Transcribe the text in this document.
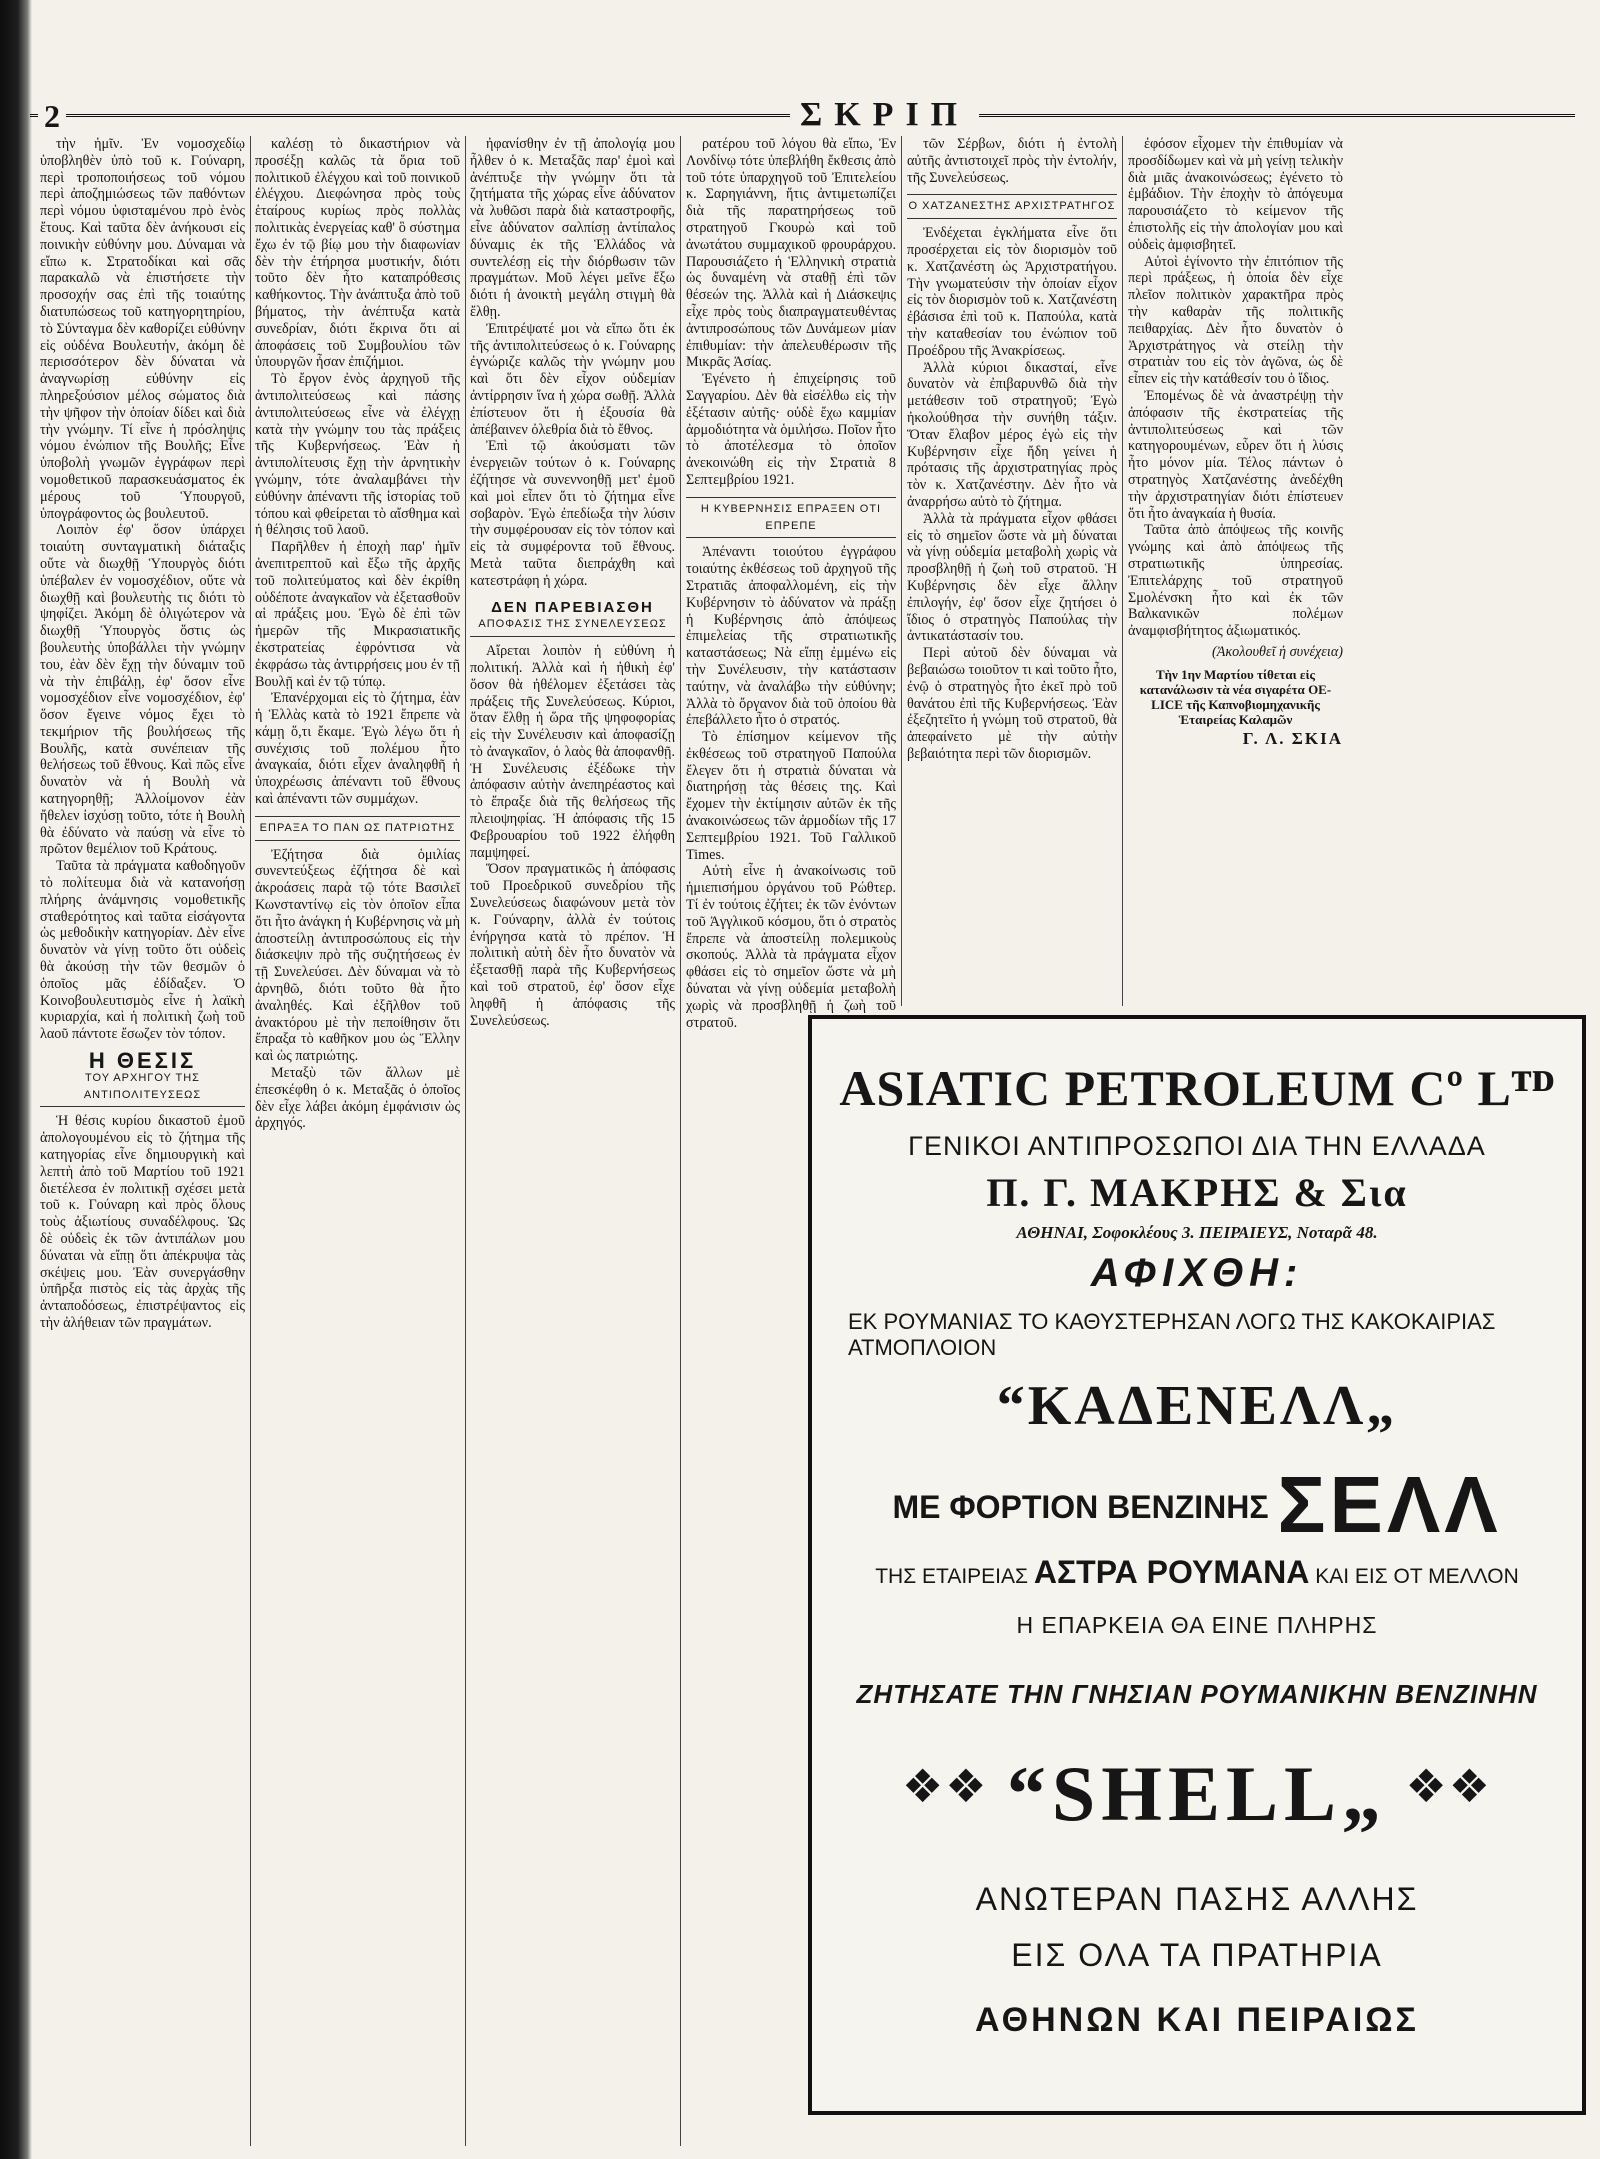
2	ΣΚΡΙΠ

τὴν ἡμῖν. Ἐν νομοσχεδίῳ ὑποβληθὲν ὑπὸ τοῦ κ. Γούναρη, περὶ τροποποιήσεως τοῦ νόμου περὶ ἀποζημιώσεως τῶν παθόντων περὶ νόμου ὑφισταμένου πρὸ ἑνὸς ἔτους. Καὶ ταῦτα δὲν ἀνήκουσι εἰς ποινικὴν εὐθύνην μου. Δύναμαι νὰ εἴπω κ. Στρατοδίκαι καὶ σᾶς παρακαλῶ νὰ ἐπιστήσετε τὴν προσοχήν σας ἐπὶ τῆς τοιαύτης διατυπώσεως τοῦ κατηγορητηρίου, τὸ Σύνταγμα δὲν καθορίζει εὐθύνην εἰς οὐδένα Βουλευτήν, ἀκόμη δὲ περισσότερον δὲν δύναται νὰ ἀναγνωρίσῃ εὐθύνην εἰς πληρεξούσιον μέλος σώματος διὰ τὴν ψῆφον τὴν ὁποίαν δίδει καὶ διὰ τὴν γνώμην. Τί εἶνε ἡ πρόσληψις νόμου ἐνώπιον τῆς Βουλῆς; Εἶνε ὑποβολὴ γνωμῶν ἐγγράφων περὶ νομοθετικοῦ παρασκευάσματος ἐκ μέρους τοῦ Ὑπουργοῦ, ὑπογράφοντος ὡς βουλευτοῦ.

Λοιπὸν ἐφ' ὅσον ὑπάρχει τοιαύτη συνταγματικὴ διάταξις οὔτε νὰ διωχθῇ Ὑπουργὸς διότι ὑπέβαλεν ἐν νομοσχέδιον, οὔτε νὰ διωχθῇ καὶ βουλευτὴς τις διότι τὸ ψηφίζει. Ἀκόμη δὲ ὀλιγώτερον νὰ διωχθῇ Ὑπουργὸς ὅστις ὡς βουλευτὴς ὑποβάλλει τὴν γνώμην του, ἐὰν δὲν ἔχῃ τὴν δύναμιν τοῦ νὰ τὴν ἐπιβάλῃ, ἐφ' ὅσον εἶνε νομοσχέδιον εἶνε νομοσχέδιον, ἐφ' ὅσον ἔγεινε νόμος ἔχει τὸ τεκμήριον τῆς βουλήσεως τῆς Βουλῆς, κατὰ συνέπειαν τῆς θελήσεως τοῦ ἔθνους. Καὶ πῶς εἶνε δυνατὸν νὰ ἡ Βουλὴ νὰ κατηγορηθῇ; Ἀλλοίμονον ἐὰν ἤθελεν ἰσχύσῃ τοῦτο, τότε ἡ Βουλὴ θὰ ἐδύνατο νὰ παύσῃ νὰ εἶνε τὸ πρῶτον θεμέλιον τοῦ Κράτους.

Ταῦτα τὰ πράγματα καθοδηγοῦν τὸ πολίτευμα διὰ νὰ κατανοήσῃ πλήρης ἀνάμνησις νομοθετικῆς σταθερότητος καὶ ταῦτα εἰσάγοντα ὡς μεθοδικὴν κατηγορίαν. Δὲν εἶνε δυνατὸν νὰ γίνῃ τοῦτο ὅτι οὐδεὶς θὰ ἀκούσῃ τὴν τῶν θεσμῶν ὁ ὁποῖος μᾶς ἐδίδαξεν. Ὁ Κοινοβουλευτισμὸς εἶνε ἡ λαϊκὴ κυριαρχία, καὶ ἡ πολιτικὴ ζωὴ τοῦ λαοῦ πάντοτε ἔσωζεν τὸν τόπον.

Η ΘΕΣΙΣ
ΤΟΥ ΑΡΧΗΓΟΥ ΤΗΣ ΑΝΤΙΠΟΛΙΤΕΥΣΕΩΣ

Ἡ θέσις κυρίου δικαστοῦ ἐμοῦ ἀπολογουμένου εἰς τὸ ζήτημα τῆς κατηγορίας εἶνε δημιουργικὴ καὶ λεπτὴ ἀπὸ τοῦ Μαρτίου τοῦ 1921 διετέλεσα ἐν πολιτικῇ σχέσει μετὰ τοῦ κ. Γούναρη καὶ πρὸς ὅλους τοὺς ἀξιωτίους συναδέλφους. Ὡς δὲ οὐδεὶς ἐκ τῶν ἀντιπάλων μου δύναται νὰ εἴπῃ ὅτι ἀπέκρυψα τὰς σκέψεις μου. Ἐὰν συνεργάσθην ὑπῆρξα πιστὸς εἰς τὰς ἀρχὰς τῆς ἀνταποδόσεως, ἐπιστρέψαντος εἰς τὴν ἀλήθειαν τῶν πραγμάτων.

καλέσῃ τὸ δικαστήριον νὰ προσέξῃ καλῶς τὰ ὅρια τοῦ πολιτικοῦ ἐλέγχου καὶ τοῦ ποινικοῦ ἐλέγχου. Διεφώνησα πρὸς τοὺς ἑταίρους κυρίως πρὸς πολλὰς πολιτικὰς ἐνεργείας καθ' ὃ σύστημα ἔχω ἐν τῷ βίῳ μου τὴν διαφωνίαν δὲν τὴν ἐτήρησα μυστικήν, διότι τοῦτο δὲν ἦτο καταπρόθεσις καθήκοντος. Τὴν ἀνάπτυξα ἀπὸ τοῦ βήματος, τὴν ἀνέπτυξα κατὰ συνεδρίαν, διότι ἔκρινα ὅτι αἱ ἀποφάσεις τοῦ Συμβουλίου τῶν ὑπουργῶν ἦσαν ἐπιζήμιοι.

Τὸ ἔργον ἐνὸς ἀρχηγοῦ τῆς ἀντιπολιτεύσεως καὶ πάσης ἀντιπολιτεύσεως εἶνε νὰ ἐλέγχῃ κατὰ τὴν γνώμην του τὰς πράξεις τῆς Κυβερνήσεως. Ἐὰν ἡ ἀντιπολίτευσις ἔχῃ τὴν ἀρνητικὴν γνώμην, τότε ἀναλαμβάνει τὴν εὐθύνην ἀπέναντι τῆς ἱστορίας τοῦ τόπου καὶ φθείρεται τὸ αἴσθημα καὶ ἡ θέλησις τοῦ λαοῦ.

Παρῆλθεν ἡ ἐποχὴ παρ' ἡμῖν ἀνεπιτρεπτοῦ καὶ ἔξω τῆς ἀρχῆς τοῦ πολιτεύματος καὶ δὲν ἐκρίθη οὐδέποτε ἀναγκαῖον νὰ ἐξετασθοῦν αἱ πράξεις μου. Ἐγὼ δὲ ἐπὶ τῶν ἡμερῶν τῆς Μικρασιατικῆς ἐκστρατείας ἐφρόντισα νὰ ἐκφράσω τὰς ἀντιρρήσεις μου ἐν τῇ Βουλῇ καὶ ἐν τῷ τύπῳ.

Ἐπανέρχομαι εἰς τὸ ζήτημα, ἐὰν ἡ Ἑλλὰς κατὰ τὸ 1921 ἔπρεπε νὰ κάμῃ ὅ,τι ἔκαμε. Ἐγὼ λέγω ὅτι ἡ συνέχισις τοῦ πολέμου ἦτο ἀναγκαία, διότι εἶχεν ἀναληφθῆ ἡ ὑποχρέωσις ἀπέναντι τοῦ ἔθνους καὶ ἀπέναντι τῶν συμμάχων.

ΕΠΡΑΞΑ ΤΟ ΠΑΝ ΩΣ ΠΑΤΡΙΩΤΗΣ

Ἐζήτησα διὰ ὁμιλίας συνεντεύξεως ἐζήτησα δὲ καὶ ἀκροάσεις παρὰ τῷ τότε Βασιλεῖ Κωνσταντίνῳ εἰς τὸν ὁποῖον εἶπα ὅτι ἦτο ἀνάγκη ἡ Κυβέρνησις νὰ μὴ ἀποστείλῃ ἀντιπροσώπους εἰς τὴν διάσκεψιν πρὸ τῆς συζητήσεως ἐν τῇ Συνελεύσει. Δὲν δύναμαι νὰ τὸ ἀρνηθῶ, διότι τοῦτο θὰ ἦτο ἀναληθές. Καὶ ἐξῆλθον τοῦ ἀνακτόρου μὲ τὴν πεποίθησιν ὅτι ἔπραξα τὸ καθῆκον μου ὡς Ἕλλην καὶ ὡς πατριώτης.

Μεταξὺ τῶν ἄλλων μὲ ἐπεσκέφθη ὁ κ. Μεταξᾶς ὁ ὁποῖος δὲν εἶχε λάβει ἀκόμη ἐμφάνισιν ὡς ἀρχηγός.

ἠφανίσθην ἐν τῇ ἀπολογίᾳ μου ἦλθεν ὁ κ. Μεταξᾶς παρ' ἐμοὶ καὶ ἀνέπτυξε τὴν γνώμην ὅτι τὰ ζητήματα τῆς χώρας εἶνε ἀδύνατον νὰ λυθῶσι παρὰ διὰ καταστροφῆς, εἶνε ἀδύνατον σαλπίσῃ ἀντίπαλος δύναμις ἐκ τῆς Ἑλλάδος νὰ συντελέσῃ εἰς τὴν διόρθωσιν τῶν πραγμάτων. Μοῦ λέγει μεῖνε ἔξω διότι ἡ ἀνοικτὴ μεγάλη στιγμὴ θὰ ἔλθῃ.

Ἐπιτρέψατέ μοι νὰ εἴπω ὅτι ἐκ τῆς ἀντιπολιτεύσεως ὁ κ. Γούναρης ἐγνώριζε καλῶς τὴν γνώμην μου καὶ ὅτι δὲν εἶχον οὐδεμίαν ἀντίρρησιν ἵνα ἡ χώρα σωθῇ. Ἀλλὰ ἐπίστευον ὅτι ἡ ἐξουσία θὰ ἀπέβαινεν ὀλεθρία διὰ τὸ ἔθνος.

Ἐπὶ τῷ ἀκούσματι τῶν ἐνεργειῶν τούτων ὁ κ. Γούναρης ἐζήτησε νὰ συνεννοηθῇ μετ' ἐμοῦ καὶ μοὶ εἶπεν ὅτι τὸ ζήτημα εἶνε σοβαρὸν. Ἐγὼ ἐπεδίωξα τὴν λύσιν τὴν συμφέρουσαν εἰς τὸν τόπον καὶ εἰς τὰ συμφέροντα τοῦ ἔθνους. Μετὰ ταῦτα διεπράχθη καὶ κατεστράφη ἡ χώρα.

ΔΕΝ ΠΑΡΕΒΙΑΣΘΗ
ΑΠΟΦΑΣΙΣ ΤΗΣ ΣΥΝΕΛΕΥΣΕΩΣ

Αἴρεται λοιπὸν ἡ εὐθύνη ἡ πολιτική. Ἀλλὰ καὶ ἡ ἠθικὴ ἐφ' ὅσον θὰ ἠθέλομεν ἐξετάσει τὰς πράξεις τῆς Συνελεύσεως. Κύριοι, ὅταν ἔλθῃ ἡ ὥρα τῆς ψηφοφορίας εἰς τὴν Συνέλευσιν καὶ ἀποφασίζῃ τὸ ἀναγκαῖον, ὁ λαὸς θὰ ἀποφανθῇ. Ἡ Συνέλευσις ἐξέδωκε τὴν ἀπόφασιν αὐτὴν ἀνεπηρέαστος καὶ τὸ ἔπραξε διὰ τῆς θελήσεως τῆς πλειοψηφίας. Ἡ ἀπόφασις τῆς 15 Φεβρουαρίου τοῦ 1922 ἐλήφθη παμψηφεί.

Ὅσον πραγματικῶς ἡ ἀπόφασις τοῦ Προεδρικοῦ συνεδρίου τῆς Συνελεύσεως διαφώνουν μετὰ τὸν κ. Γούναρην, ἀλλὰ ἐν τούτοις ἐνήργησα κατὰ τὸ πρέπον. Ἡ πολιτικὴ αὐτὴ δὲν ἦτο δυνατὸν νὰ ἐξετασθῇ παρὰ τῆς Κυβερνήσεως καὶ τοῦ στρατοῦ, ἐφ' ὅσον εἶχε ληφθῆ ἡ ἀπόφασις τῆς Συνελεύσεως.

ρατέρου τοῦ λόγου θὰ εἴπω, Ἐν Λονδίνῳ τότε ὑπεβλήθη ἔκθεσις ἀπὸ τοῦ τότε ὑπαρχηγοῦ τοῦ Ἐπιτελείου κ. Σαρηγιάννη, ἥτις ἀντιμετωπίζει διὰ τῆς παρατηρήσεως τοῦ στρατηγοῦ Γκουρὼ καὶ τοῦ ἀνωτάτου συμμαχικοῦ φρουράρχου. Παρουσιάζετο ἡ Ἑλληνικὴ στρατιὰ ὡς δυναμένη νὰ σταθῇ ἐπὶ τῶν θέσεών της. Ἀλλὰ καὶ ἡ Διάσκεψις εἶχε πρὸς τοὺς διαπραγματευθέντας ἀντιπροσώπους τῶν Δυνάμεων μίαν ἐπιθυμίαν: τὴν ἀπελευθέρωσιν τῆς Μικρᾶς Ἀσίας.

Ἐγένετο ἡ ἐπιχείρησις τοῦ Σαγγαρίου. Δὲν θὰ εἰσέλθω εἰς τὴν ἐξέτασιν αὐτῆς· οὐδὲ ἔχω καμμίαν ἀρμοδιότητα νὰ ὁμιλήσω. Ποῖον ἦτο τὸ ἀποτέλεσμα τὸ ὁποῖον ἀνεκοινώθη εἰς τὴν Στρατιὰ 8 Σεπτεμβρίου 1921.

Η ΚΥΒΕΡΝΗΣΙΣ ΕΠΡΑΞΕΝ ΟΤΙ ΕΠΡΕΠΕ

Ἀπέναντι τοιούτου ἐγγράφου τοιαύτης ἐκθέσεως τοῦ ἀρχηγοῦ τῆς Στρατιᾶς ἀποφαλλομένη, εἰς τὴν Κυβέρνησιν τὸ ἀδύνατον νὰ πράξῃ ἡ Κυβέρνησις ἀπὸ ἀπόψεως ἐπιμελείας τῆς στρατιωτικῆς καταστάσεως; Νὰ εἴπῃ ἐμμένω εἰς τὴν Συνέλευσιν, τὴν κατάστασιν ταύτην, νὰ ἀναλάβω τὴν εὐθύνην; Ἀλλὰ τὸ ὄργανον διὰ τοῦ ὁποίου θὰ ἐπεβάλλετο ἦτο ὁ στρατός.

Τὸ ἐπίσημον κείμενον τῆς ἐκθέσεως τοῦ στρατηγοῦ Παπούλα ἔλεγεν ὅτι ἡ στρατιὰ δύναται νὰ διατηρήσῃ τὰς θέσεις της. Καὶ ἔχομεν τὴν ἐκτίμησιν αὐτῶν ἐκ τῆς ἀνακοινώσεως τῶν ἀρμοδίων τῆς 17 Σεπτεμβρίου 1921. Τοῦ Γαλλικοῦ Times.

Αὐτὴ εἶνε ἡ ἀνακοίνωσις τοῦ ἡμιεπισήμου ὀργάνου τοῦ Ρώθτερ. Τί ἐν τούτοις ἐζήτει; ἐκ τῶν ἐνόντων τοῦ Ἀγγλικοῦ κόσμου, ὅτι ὁ στρατὸς ἔπρεπε νὰ ἀποστείλῃ πολεμικοὺς σκοπούς. Ἀλλὰ τὰ πράγματα εἶχον φθάσει εἰς τὸ σημεῖον ὥστε νὰ μὴ δύναται νὰ γίνῃ οὐδεμία μεταβολὴ χωρὶς νὰ προσβληθῇ ἡ ζωὴ τοῦ στρατοῦ.

τῶν Σέρβων, διότι ἡ ἐντολὴ αὐτῆς ἀντιστοιχεῖ πρὸς τὴν ἐντολήν, τῆς Συνελεύσεως.

Ο ΧΑΤΖΑΝΕΣΤΗΣ ΑΡΧΙΣΤΡΑΤΗΓΟΣ

Ἐνδέχεται ἐγκλήματα εἶνε ὅτι προσέρχεται εἰς τὸν διορισμὸν τοῦ κ. Χατζανέστη ὡς Ἀρχιστρατήγου. Τὴν γνωματεύσιν τὴν ὁποίαν εἶχον εἰς τὸν διορισμὸν τοῦ κ. Χατζανέστη ἐβάσισα ἐπὶ τοῦ κ. Παπούλα, κατὰ τὴν καταθεσίαν του ἐνώπιον τοῦ Προέδρου τῆς Ἀνακρίσεως.

Ἀλλὰ κύριοι δικασταί, εἶνε δυνατὸν νὰ ἐπιβαρυνθῶ διὰ τὴν μετάθεσιν τοῦ στρατηγοῦ; Ἐγὼ ἠκολούθησα τὴν συνήθη τάξιν. Ὅταν ἔλαβον μέρος ἐγὼ εἰς τὴν Κυβέρνησιν εἶχε ἤδη γείνει ἡ πρότασις τῆς ἀρχιστρατηγίας πρὸς τὸν κ. Χατζανέστην. Δὲν ἦτο νὰ ἀναρρήσω αὐτὸ τὸ ζήτημα.

Ἀλλὰ τὰ πράγματα εἶχον φθάσει εἰς τὸ σημεῖον ὥστε νὰ μὴ δύναται νὰ γίνῃ οὐδεμία μεταβολὴ χωρὶς νὰ προσβληθῇ ἡ ζωὴ τοῦ στρατοῦ. Ἡ Κυβέρνησις δὲν εἶχε ἄλλην ἐπιλογήν, ἐφ' ὅσον εἶχε ζητήσει ὁ ἴδιος ὁ στρατηγὸς Παπούλας τὴν ἀντικατάστασίν του.

Περὶ αὐτοῦ δὲν δύναμαι νὰ βεβαιώσω τοιοῦτον τι καὶ τοῦτο ἦτο, ἐνῷ ὁ στρατηγὸς ἦτο ἐκεῖ πρὸ τοῦ θανάτου ἐπὶ τῆς Κυβερνήσεως. Ἐὰν ἐξεζητεῖτο ἡ γνώμη τοῦ στρατοῦ, θὰ ἀπεφαίνετο μὲ τὴν αὐτὴν βεβαιότητα περὶ τῶν διορισμῶν.

ἐφόσον εἶχομεν τὴν ἐπιθυμίαν νὰ προσδίδωμεν καὶ νὰ μὴ γείνῃ τελικὴν διὰ μιᾶς ἀνακοινώσεως; ἐγένετο τὸ ἐμβάδιον. Τὴν ἐποχὴν τὸ ἀπόγευμα παρουσιάζετο τὸ κείμενον τῆς ἐπιστολῆς εἰς τὴν ἀπολογίαν μου καὶ οὐδεὶς ἀμφισβητεῖ.

Αὐτοὶ ἐγίνοντο τὴν ἐπιτόπιον τῆς περὶ πράξεως, ἡ ὁποία δὲν εἶχε πλεῖον πολιτικὸν χαρακτῆρα πρὸς τὴν καθαρὰν τῆς πολιτικῆς πειθαρχίας. Δὲν ἦτο δυνατὸν ὁ Ἀρχιστράτηγος νὰ στείλῃ τὴν στρατιὰν του εἰς τὸν ἀγῶνα, ὡς δὲ εἶπεν εἰς τὴν κατάθεσίν του ὁ ἴδιος.

Ἐπομένως δὲ νὰ ἀναστρέψῃ τὴν ἀπόφασιν τῆς ἐκστρατείας τῆς ἀντιπολιτεύσεως καὶ τῶν κατηγορουμένων, εὗρεν ὅτι ἡ λύσις ἦτο μόνον μία. Τέλος πάντων ὁ στρατηγὸς Χατζανέστης ἀνεδέχθη τὴν ἀρχιστρατηγίαν διότι ἐπίστευεν ὅτι ἦτο ἀναγκαία ἡ θυσία.

Ταῦτα ἀπὸ ἀπόψεως τῆς κοινῆς γνώμης καὶ ἀπὸ ἀπόψεως τῆς στρατιωτικῆς ὑπηρεσίας. Ἐπιτελάρχης τοῦ στρατηγοῦ Σμολένσκη ἦτο καὶ ἐκ τῶν Βαλκανικῶν πολέμων ἀναμφισβήτητος ἀξιωματικός.

(Ἀκολουθεῖ ἡ συνέχεια)
Τὴν 1ην Μαρτίου τίθεται εἰς κατανάλωσιν τὰ νέα σιγαρέτα ΟΕ-LICE τῆς Καπνοβιομηχανικῆς Ἑταιρείας Καλαμῶν
Γ. Λ. ΣΚΙΑ
ASIATIC PETROLEUM Cº Lᵀᴰ
ΓΕΝΙΚΟΙ ΑΝΤΙΠΡΟΣΩΠΟΙ ΔΙΑ ΤΗΝ ΕΛΛΑΔΑ
Π. Γ. ΜΑΚΡΗΣ & Σια
ΑΘΗΝΑΙ, Σοφοκλέους 3. ΠΕΙΡΑΙΕΥΣ, Νοταρᾶ 48.
ΑΦΙΧΘΗ:
ΕΚ ΡΟΥΜΑΝΙΑΣ ΤΟ ΚΑΘΥΣΤΕΡΗΣΑΝ ΛΟΓΩ ΤΗΣ ΚΑΚΟΚΑΙΡΙΑΣ ΑΤΜΟΠΛΟΙΟΝ
“ΚΑΔΕΝΕΛΛ„
ΜΕ ΦΟΡΤΙΟΝ ΒΕΝΖΙΝΗΣ ΣΕΛΛ
ΤΗΣ ΕΤΑΙΡΕΙΑΣ ΑΣΤΡΑ ΡΟΥΜΑΝΑ ΚΑΙ ΕΙΣ ΟΤ ΜΕΛΛΟΝ
Η ΕΠΑΡΚΕΙΑ ΘΑ ΕΙΝΕ ΠΛΗΡΗΣ
ΖΗΤΗΣΑΤΕ ΤΗΝ ΓΝΗΣΙΑΝ ΡΟΥΜΑΝΙΚΗΝ ΒΕΝΖΙΝΗΝ
❖❖ “SHELL„ ❖❖
ΑΝΩΤΕΡΑΝ ΠΑΣΗΣ ΑΛΛΗΣ
ΕΙΣ ΟΛΑ ΤΑ ΠΡΑΤΗΡΙΑ
ΑΘΗΝΩΝ ΚΑΙ ΠΕΙΡΑΙΩΣ
